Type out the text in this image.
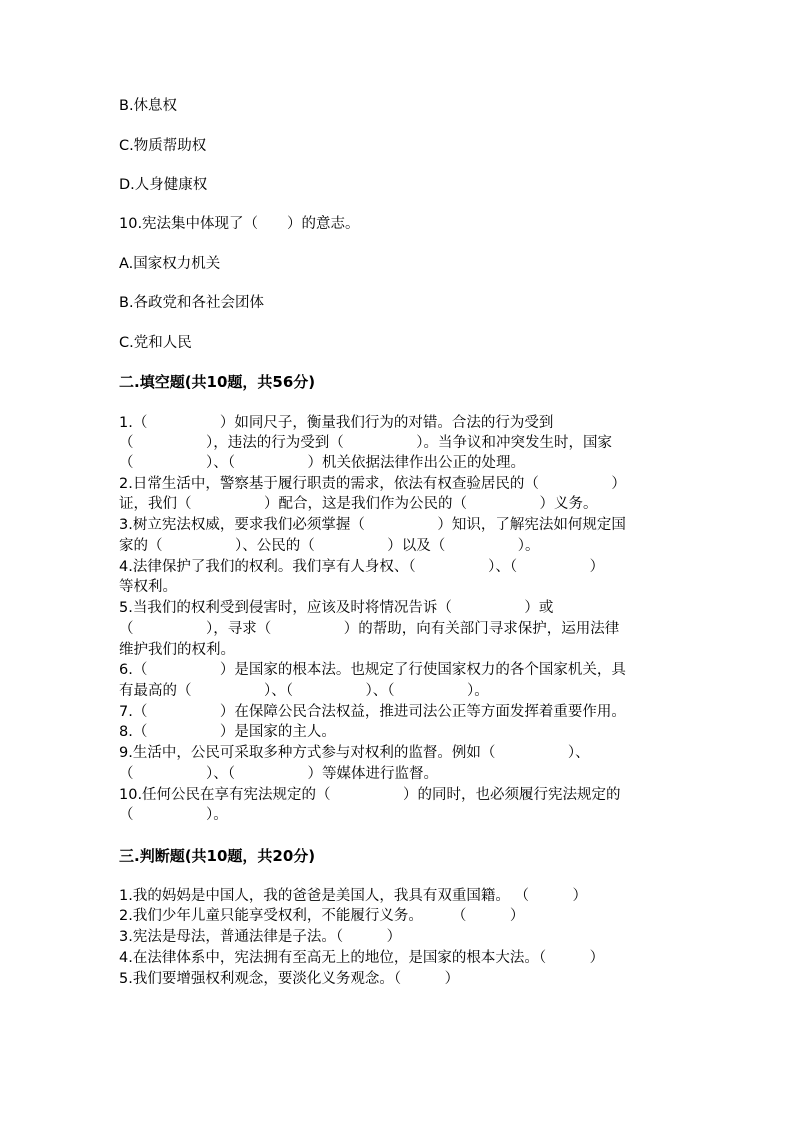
B.休息权
C.物质帮助权
D.人身健康权
10.宪法集中体现了（　　）的意志。
A.国家权力机关
B.各政党和各社会团体
C.党和人民
二.填空题(共10题，共56分)
1.（　　　　　）如同尺子，衡量我们行为的对错。合法的行为受到
（　　　　　），违法的行为受到（　　　　　）。当争议和冲突发生时，国家
（　　　　　）、（　　　　　）机关依据法律作出公正的处理。
2.日常生活中，警察基于履行职责的需求，依法有权查验居民的（　　　　　）
证，我们（　　　　　）配合，这是我们作为公民的（　　　　　）义务。
3.树立宪法权威，要求我们必须掌握（　　　　　）知识，了解宪法如何规定国
家的（　　　　　）、公民的（　　　　　）以及（　　　　　）。
4.法律保护了我们的权利。我们享有人身权、（　　　　　）、（　　　　　）
等权利。
5.当我们的权利受到侵害时，应该及时将情况告诉（　　　　　）或
（　　　　　），寻求（　　　　　）的帮助，向有关部门寻求保护，运用法律
维护我们的权利。
6.（　　　　　）是国家的根本法。也规定了行使国家权力的各个国家机关，具
有最高的（　　　　　）、（　　　　　）、（　　　　　）。
7.（　　　　　）在保障公民合法权益，推进司法公正等方面发挥着重要作用。
8.（　　　　　）是国家的主人。
9.生活中，公民可采取多种方式参与对权利的监督。例如（　　　　　）、
（　　　　　）、（　　　　　）等媒体进行监督。
10.任何公民在享有宪法规定的（　　　　　）的同时，也必须履行宪法规定的
（　　　　　）。
三.判断题(共10题，共20分)
1.我的妈妈是中国人，我的爸爸是美国人，我具有双重国籍。 （　　　）
2.我们少年儿童只能享受权利，不能履行义务。　　　（　　　）
3.宪法是母法，普通法律是子法。（　　　）
4.在法律体系中，宪法拥有至高无上的地位，是国家的根本大法。（　　　）
5.我们要增强权利观念，要淡化义务观念。（　　　）
